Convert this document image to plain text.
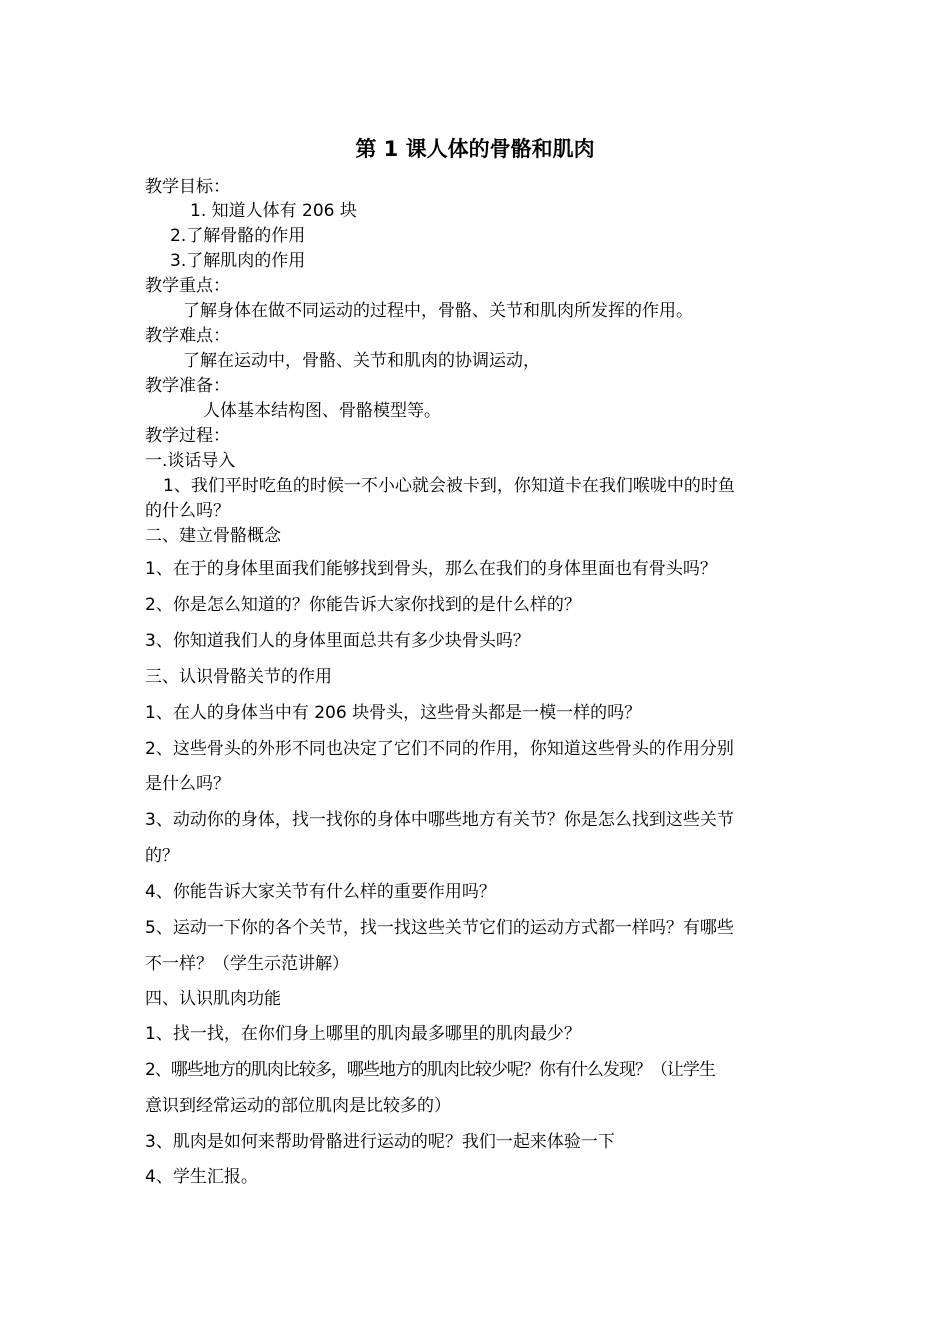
第 1 课人体的骨骼和肌肉
教学目标：
1. 知道人体有 206 块
2.了解骨骼的作用
3.了解肌肉的作用
教学重点：
了解身体在做不同运动的过程中，骨骼、关节和肌肉所发挥的作用。
教学难点：
了解在运动中，骨骼、关节和肌肉的协调运动，
教学准备：
人体基本结构图、骨骼模型等。
教学过程：
一.谈话导入
1、我们平时吃鱼的时候一不小心就会被卡到，你知道卡在我们喉咙中的时鱼
的什么吗？
二、建立骨骼概念
1、在于的身体里面我们能够找到骨头，那么在我们的身体里面也有骨头吗？
2、你是怎么知道的？你能告诉大家你找到的是什么样的？
3、你知道我们人的身体里面总共有多少块骨头吗？
三、认识骨骼关节的作用
1、在人的身体当中有 206 块骨头，这些骨头都是一模一样的吗？
2、这些骨头的外形不同也决定了它们不同的作用，你知道这些骨头的作用分别
是什么吗？
3、动动你的身体，找一找你的身体中哪些地方有关节？你是怎么找到这些关节
的？
4、你能告诉大家关节有什么样的重要作用吗？
5、运动一下你的各个关节，找一找这些关节它们的运动方式都一样吗？有哪些
不一样？（学生示范讲解）
四、认识肌肉功能
1、找一找，在你们身上哪里的肌肉最多哪里的肌肉最少？
2、哪些地方的肌肉比较多，哪些地方的肌肉比较少呢？你有什么发现？（让学生
意识到经常运动的部位肌肉是比较多的）
3、肌肉是如何来帮助骨骼进行运动的呢？我们一起来体验一下
4、学生汇报。
